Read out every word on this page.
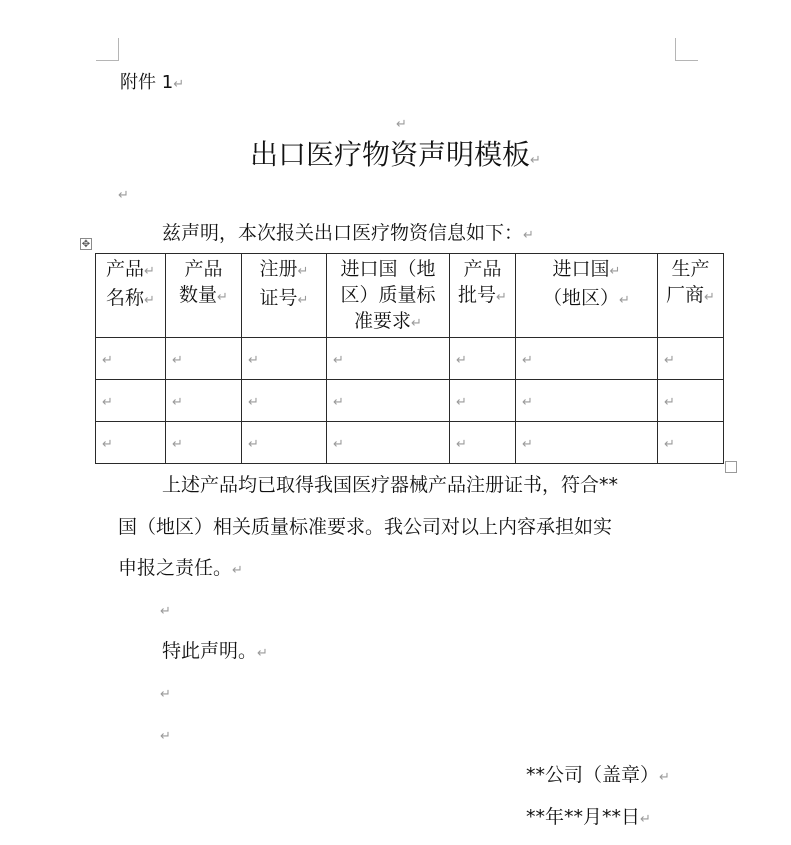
附件 1↵
↵
出口医疗物资声明模板↵
↵
兹声明，本次报关出口医疗物资信息如下：↵
✥
产品↵
名称↵	产品
数量↵	注册↵
证号↵	进口国（地
区）质量标
准要求↵	产品
批号↵	进口国↵
（地区）↵	生产
厂商↵
↵	↵	↵	↵	↵	↵	↵
↵	↵	↵	↵	↵	↵	↵
↵	↵	↵	↵	↵	↵	↵
上述产品均已取得我国医疗器械产品注册证书，符合**
国（地区）相关质量标准要求。我公司对以上内容承担如实
申报之责任。↵
↵
特此声明。↵
↵
↵
**公司（盖章）↵
**年**月**日↵
